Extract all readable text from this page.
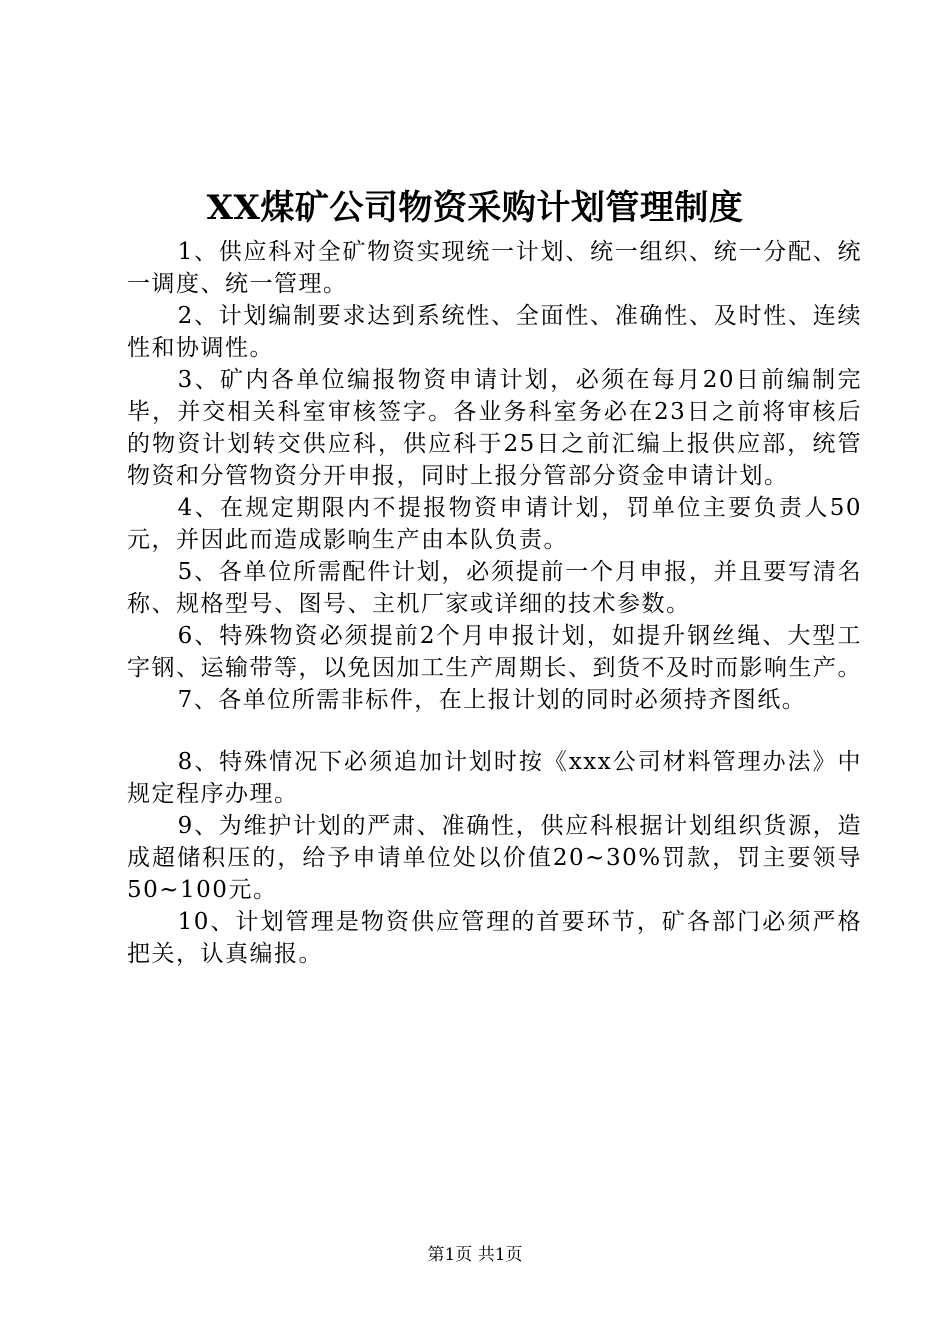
XX煤矿公司物资采购计划管理制度

1、供应科对全矿物资实现统一计划、统一组织、统一分配、统一调度、统一管理。

2、计划编制要求达到系统性、全面性、准确性、及时性、连续性和协调性。

3、矿内各单位编报物资申请计划，必须在每月20日前编制完毕，并交相关科室审核签字。各业务科室务必在23日之前将审核后的物资计划转交供应科，供应科于25日之前汇编上报供应部，统管物资和分管物资分开申报，同时上报分管部分资金申请计划。

4、在规定期限内不提报物资申请计划，罚单位主要负责人50元，并因此而造成影响生产由本队负责。

5、各单位所需配件计划，必须提前一个月申报，并且要写清名称、规格型号、图号、主机厂家或详细的技术参数。

6、特殊物资必须提前2个月申报计划，如提升钢丝绳、大型工字钢、运输带等，以免因加工生产周期长、到货不及时而影响生产。

7、各单位所需非标件，在上报计划的同时必须持齐图纸。

8、特殊情况下必须追加计划时按《xxx公司材料管理办法》中规定程序办理。

9、为维护计划的严肃、准确性，供应科根据计划组织货源，造成超储积压的，给予申请单位处以价值20~30%罚款，罚主要领导50~100元。

10、计划管理是物资供应管理的首要环节，矿各部门必须严格把关，认真编报。

第1页 共1页
